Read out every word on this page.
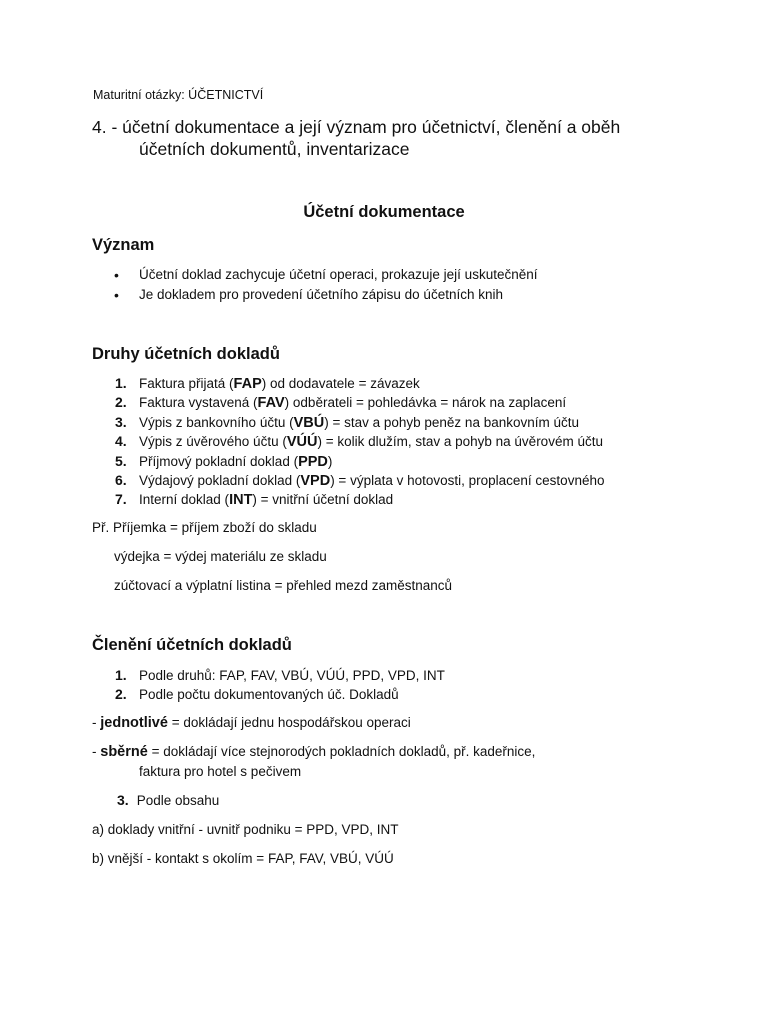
Maturitní otázky: ÚČETNICTVÍ
4. - účetní dokumentace a její význam pro účetnictví, členění a oběh
účetních dokumentů, inventarizace
Účetní dokumentace
Význam
• Účetní doklad zachycuje účetní operaci, prokazuje její uskutečnění
• Je dokladem pro provedení účetního zápisu do účetních knih
Druhy účetních dokladů
1. Faktura přijatá (FAP) od dodavatele = závazek
2. Faktura vystavená (FAV) odběrateli = pohledávka = nárok na zaplacení
3. Výpis z bankovního účtu (VBÚ) = stav a pohyb peněz na bankovním účtu
4. Výpis z úvěrového účtu (VÚÚ) = kolik dlužím, stav a pohyb na úvěrovém účtu
5. Příjmový pokladní doklad (PPD)
6. Výdajový pokladní doklad (VPD) = výplata v hotovosti, proplacení cestovného
7. Interní doklad (INT) = vnitřní účetní doklad
Př. Příjemka = příjem zboží do skladu
výdejka = výdej materiálu ze skladu
zúčtovací a výplatní listina = přehled mezd zaměstnanců
Členění účetních dokladů
1. Podle druhů: FAP, FAV, VBÚ, VÚÚ, PPD, VPD, INT
2. Podle počtu dokumentovaných úč. Dokladů
- jednotlivé = dokládají jednu hospodářskou operaci
- sběrné = dokládají více stejnorodých pokladních dokladů, př. kadeřnice,
faktura pro hotel s pečivem
3. Podle obsahu
a) doklady vnitřní - uvnitř podniku = PPD, VPD, INT
b) vnější - kontakt s okolím = FAP, FAV, VBÚ, VÚÚ
